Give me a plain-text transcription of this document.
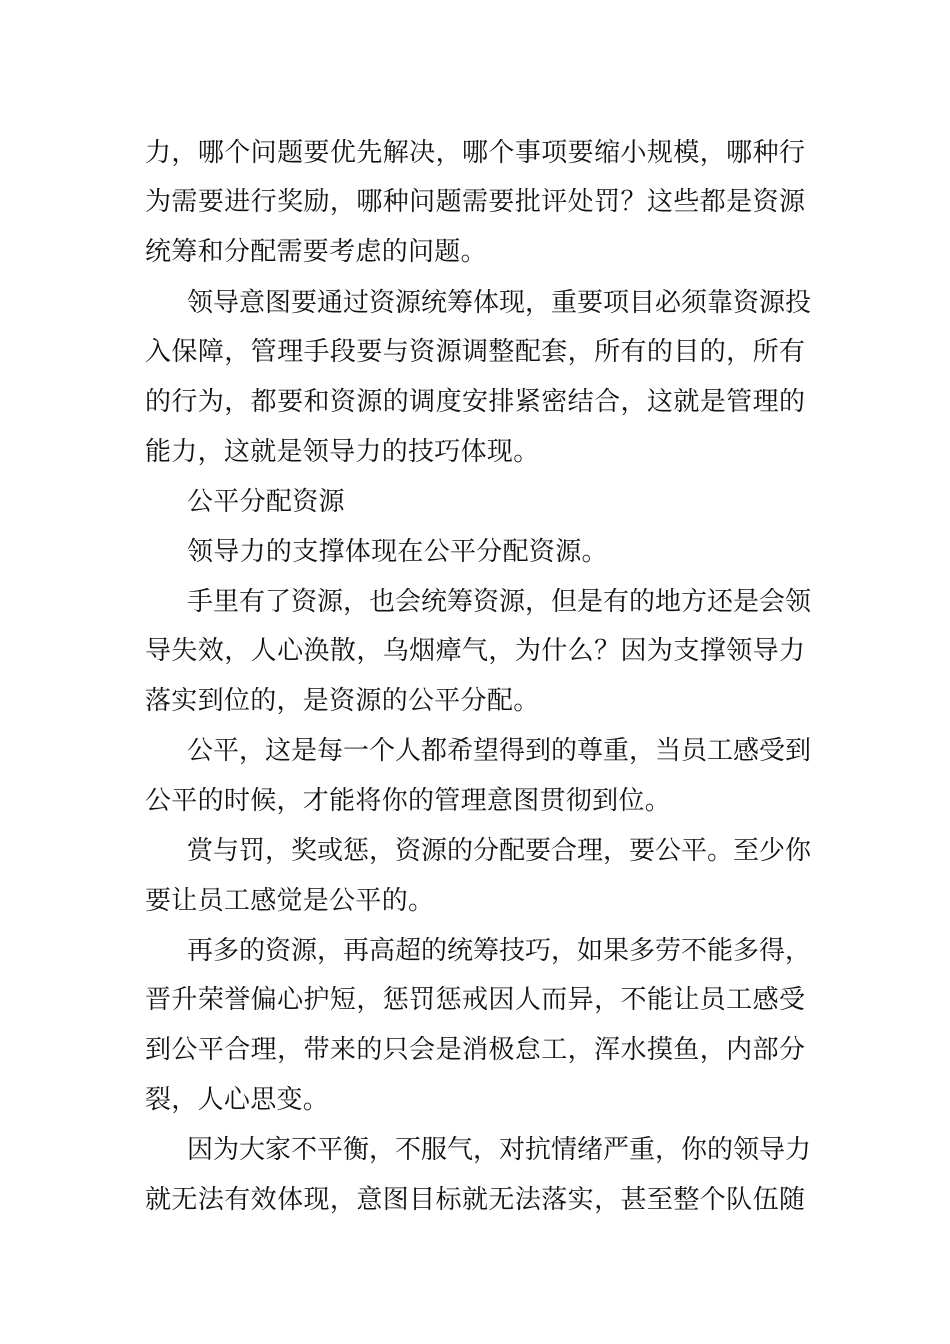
力，哪个问题要优先解决，哪个事项要缩小规模，哪种行
为需要进行奖励，哪种问题需要批评处罚？这些都是资源
统筹和分配需要考虑的问题。
领导意图要通过资源统筹体现，重要项目必须靠资源投
入保障，管理手段要与资源调整配套，所有的目的，所有
的行为，都要和资源的调度安排紧密结合，这就是管理的
能力，这就是领导力的技巧体现。
公平分配资源
领导力的支撑体现在公平分配资源。
手里有了资源，也会统筹资源，但是有的地方还是会领
导失效，人心涣散，乌烟瘴气，为什么？因为支撑领导力
落实到位的，是资源的公平分配。
公平，这是每一个人都希望得到的尊重，当员工感受到
公平的时候，才能将你的管理意图贯彻到位。
赏与罚，奖或惩，资源的分配要合理，要公平。至少你
要让员工感觉是公平的。
再多的资源，再高超的统筹技巧，如果多劳不能多得，
晋升荣誉偏心护短，惩罚惩戒因人而异，不能让员工感受
到公平合理，带来的只会是消极怠工，浑水摸鱼，内部分
裂，人心思变。
因为大家不平衡，不服气，对抗情绪严重，你的领导力
就无法有效体现，意图目标就无法落实，甚至整个队伍随
